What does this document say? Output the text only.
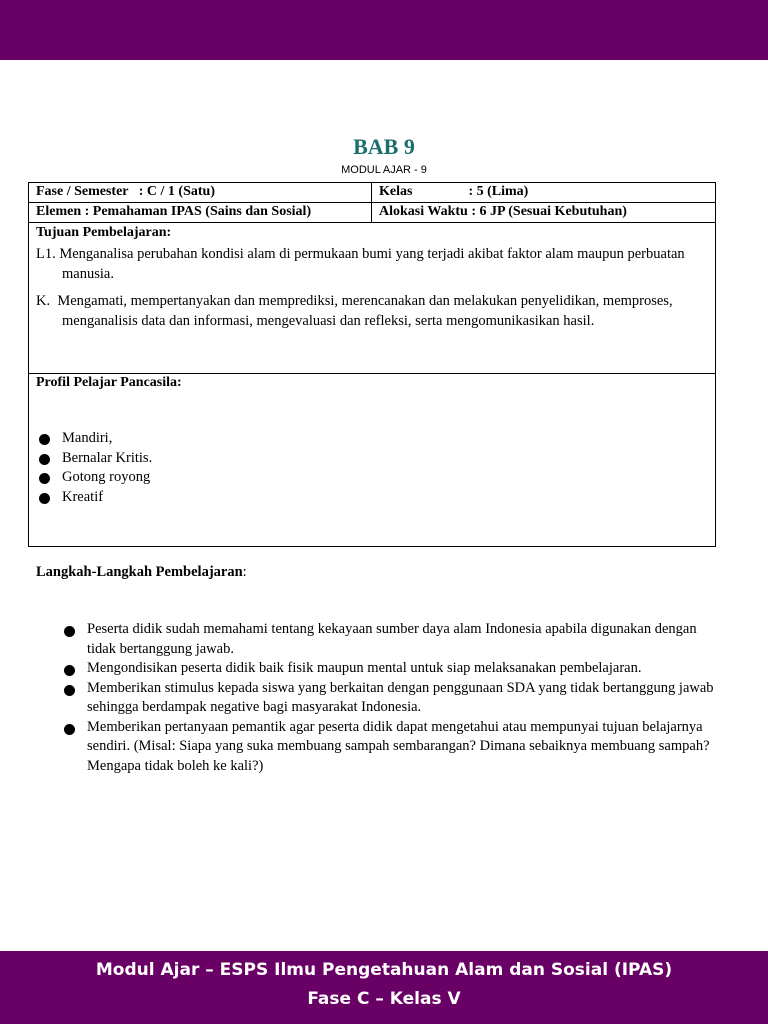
BAB 9
MODUL AJAR - 9
Fase / Semester   : C / 1 (Satu)	Kelas                : 5 (Lima)
Elemen : Pemahaman IPAS (Sains dan Sosial)	Alokasi Waktu : 6 JP (Sesuai Kebutuhan)
Tujuan Pembelajaran:
L1. Menganalisa perubahan kondisi alam di permukaan bumi yang terjadi akibat faktor alam maupun perbuatan manusia.
K.  Mengamati, mempertanyakan dan memprediksi, merencanakan dan melakukan penyelidikan, memproses, menganalisis data dan informasi, mengevaluasi dan refleksi, serta mengomunikasikan hasil.
Profil Pelajar Pancasila:
Mandiri,
Bernalar Kritis.
Gotong royong
Kreatif
Langkah-Langkah Pembelajaran:
Peserta didik sudah memahami tentang kekayaan sumber daya alam Indonesia apabila digunakan dengan tidak bertanggung jawab.
Mengondisikan peserta didik baik fisik maupun mental untuk siap melaksanakan pembelajaran.
Memberikan stimulus kepada siswa yang berkaitan dengan penggunaan SDA yang tidak bertanggung jawab sehingga berdampak negative bagi masyarakat Indonesia.
Memberikan pertanyaan pemantik agar peserta didik dapat mengetahui atau mempunyai tujuan belajarnya sendiri. (Misal: Siapa yang suka membuang sampah sembarangan? Dimana sebaiknya membuang sampah? Mengapa tidak boleh ke kali?)
Modul Ajar – ESPS Ilmu Pengetahuan Alam dan Sosial (IPAS)
Fase C – Kelas V
